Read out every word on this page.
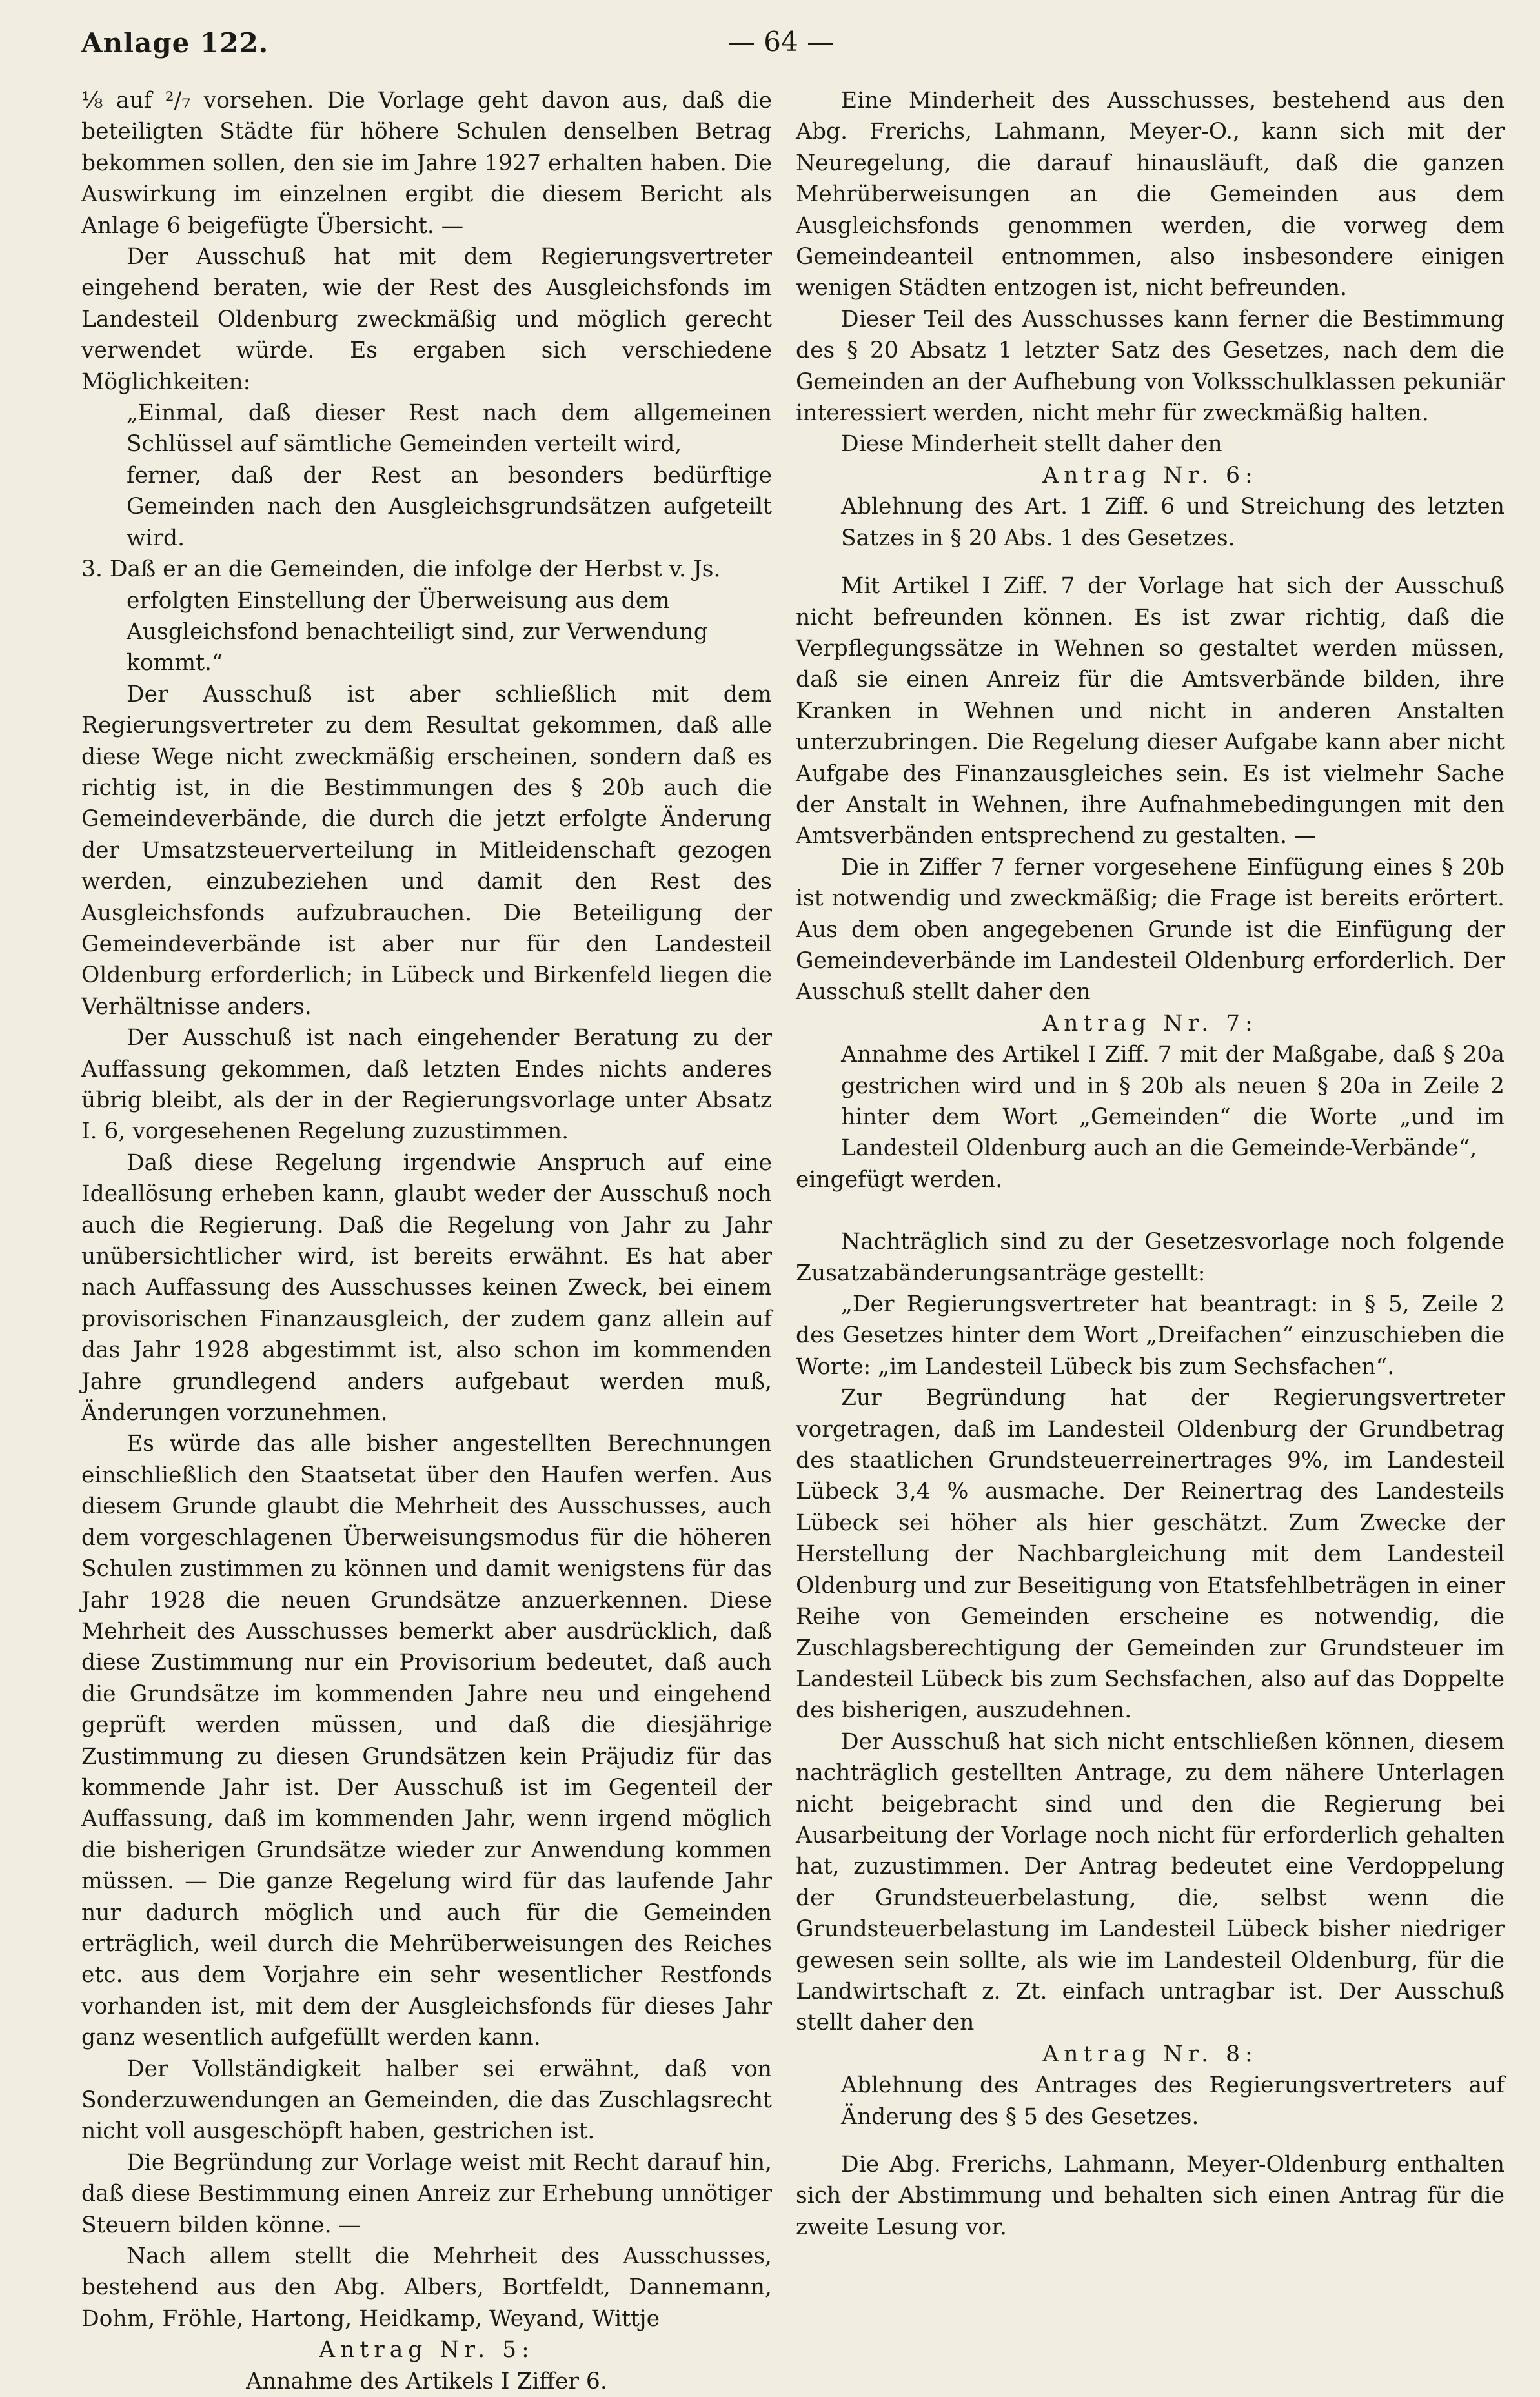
Anlage 122.	— 64 —

⅛ auf ²/₇ vorsehen. Die Vorlage geht davon aus, daß die beteiligten Städte für höhere Schulen denselben Betrag bekommen sollen, den sie im Jahre 1927 erhalten haben. Die Auswirkung im einzelnen ergibt die diesem Bericht als Anlage 6 beigefügte Übersicht. —

Der Ausschuß hat mit dem Regierungsvertreter eingehend beraten, wie der Rest des Ausgleichsfonds im Landesteil Oldenburg zweckmäßig und möglich gerecht verwendet würde. Es ergaben sich verschiedene Möglichkeiten:

„Einmal, daß dieser Rest nach dem allgemeinen Schlüssel auf sämtliche Gemeinden verteilt wird,

ferner, daß der Rest an besonders bedürftige Gemeinden nach den Ausgleichsgrundsätzen aufgeteilt wird.

3. Daß er an die Gemeinden, die infolge der Herbst v. Js. erfolgten Einstellung der Überweisung aus dem Ausgleichsfond benachteiligt sind, zur Verwendung kommt.“

Der Ausschuß ist aber schließlich mit dem Regierungsvertreter zu dem Resultat gekommen, daß alle diese Wege nicht zweckmäßig erscheinen, sondern daß es richtig ist, in die Bestimmungen des § 20b auch die Gemeindeverbände, die durch die jetzt erfolgte Änderung der Umsatzsteuerverteilung in Mitleidenschaft gezogen werden, einzubeziehen und damit den Rest des Ausgleichsfonds aufzubrauchen. Die Beteiligung der Gemeindeverbände ist aber nur für den Landesteil Oldenburg erforderlich; in Lübeck und Birkenfeld liegen die Verhältnisse anders.

Der Ausschuß ist nach eingehender Beratung zu der Auffassung gekommen, daß letzten Endes nichts anderes übrig bleibt, als der in der Regierungsvorlage unter Absatz I. 6, vorgesehenen Regelung zuzustimmen.

Daß diese Regelung irgendwie Anspruch auf eine Ideallösung erheben kann, glaubt weder der Ausschuß noch auch die Regierung. Daß die Regelung von Jahr zu Jahr unübersichtlicher wird, ist bereits erwähnt. Es hat aber nach Auffassung des Ausschusses keinen Zweck, bei einem provisorischen Finanzausgleich, der zudem ganz allein auf das Jahr 1928 abgestimmt ist, also schon im kommenden Jahre grundlegend anders aufgebaut werden muß, Änderungen vorzunehmen.

Es würde das alle bisher angestellten Berechnungen einschließlich den Staatsetat über den Haufen werfen. Aus diesem Grunde glaubt die Mehrheit des Ausschusses, auch dem vorgeschlagenen Überweisungsmodus für die höheren Schulen zustimmen zu können und damit wenigstens für das Jahr 1928 die neuen Grundsätze anzuerkennen. Diese Mehrheit des Ausschusses bemerkt aber ausdrücklich, daß diese Zustimmung nur ein Provisorium bedeutet, daß auch die Grundsätze im kommenden Jahre neu und eingehend geprüft werden müssen, und daß die diesjährige Zustimmung zu diesen Grundsätzen kein Präjudiz für das kommende Jahr ist. Der Ausschuß ist im Gegenteil der Auffassung, daß im kommenden Jahr, wenn irgend möglich die bisherigen Grundsätze wieder zur Anwendung kommen müssen. — Die ganze Regelung wird für das laufende Jahr nur dadurch möglich und auch für die Gemeinden erträglich, weil durch die Mehrüberweisungen des Reiches etc. aus dem Vorjahre ein sehr wesentlicher Restfonds vorhanden ist, mit dem der Ausgleichsfonds für dieses Jahr ganz wesentlich aufgefüllt werden kann.

Der Vollständigkeit halber sei erwähnt, daß von Sonderzuwendungen an Gemeinden, die das Zuschlagsrecht nicht voll ausgeschöpft haben, gestrichen ist.

Die Begründung zur Vorlage weist mit Recht darauf hin, daß diese Bestimmung einen Anreiz zur Erhebung unnötiger Steuern bilden könne. —

Nach allem stellt die Mehrheit des Ausschusses, bestehend aus den Abg. Albers, Bortfeldt, Dannemann, Dohm, Fröhle, Hartong, Heidkamp, Weyand, Wittje

Antrag Nr. 5:

Annahme des Artikels I Ziffer 6.

Eine Minderheit des Ausschusses, bestehend aus den Abg. Frerichs, Lahmann, Meyer-O., kann sich mit der Neuregelung, die darauf hinausläuft, daß die ganzen Mehrüberweisungen an die Gemeinden aus dem Ausgleichsfonds genommen werden, die vorweg dem Gemeindeanteil entnommen, also insbesondere einigen wenigen Städten entzogen ist, nicht befreunden.

Dieser Teil des Ausschusses kann ferner die Bestimmung des § 20 Absatz 1 letzter Satz des Gesetzes, nach dem die Gemeinden an der Aufhebung von Volksschulklassen pekuniär interessiert werden, nicht mehr für zweckmäßig halten.

Diese Minderheit stellt daher den

Antrag Nr. 6:

Ablehnung des Art. 1 Ziff. 6 und Streichung des letzten Satzes in § 20 Abs. 1 des Gesetzes.

Mit Artikel I Ziff. 7 der Vorlage hat sich der Ausschuß nicht befreunden können. Es ist zwar richtig, daß die Verpflegungssätze in Wehnen so gestaltet werden müssen, daß sie einen Anreiz für die Amtsverbände bilden, ihre Kranken in Wehnen und nicht in anderen Anstalten unterzubringen. Die Regelung dieser Aufgabe kann aber nicht Aufgabe des Finanzausgleiches sein. Es ist vielmehr Sache der Anstalt in Wehnen, ihre Aufnahmebedingungen mit den Amtsverbänden entsprechend zu gestalten. —

Die in Ziffer 7 ferner vorgesehene Einfügung eines § 20b ist notwendig und zweckmäßig; die Frage ist bereits erörtert. Aus dem oben angegebenen Grunde ist die Einfügung der Gemeindeverbände im Landesteil Oldenburg erforderlich. Der Ausschuß stellt daher den

Antrag Nr. 7:

Annahme des Artikel I Ziff. 7 mit der Maßgabe, daß § 20a gestrichen wird und in § 20b als neuen § 20a in Zeile 2 hinter dem Wort „Gemeinden“ die Worte „und im Landesteil Oldenburg auch an die Gemeinde-Verbände“,

eingefügt werden.

Nachträglich sind zu der Gesetzesvorlage noch folgende Zusatzabänderungsanträge gestellt:

„Der Regierungsvertreter hat beantragt: in § 5, Zeile 2 des Gesetzes hinter dem Wort „Dreifachen“ einzuschieben die Worte: „im Landesteil Lübeck bis zum Sechsfachen“.

Zur Begründung hat der Regierungsvertreter vorgetragen, daß im Landesteil Oldenburg der Grundbetrag des staatlichen Grundsteuerreinertrages 9%, im Landesteil Lübeck 3,4 % ausmache. Der Reinertrag des Landesteils Lübeck sei höher als hier geschätzt. Zum Zwecke der Herstellung der Nachbargleichung mit dem Landesteil Oldenburg und zur Beseitigung von Etatsfehlbeträgen in einer Reihe von Gemeinden erscheine es notwendig, die Zuschlagsberechtigung der Gemeinden zur Grundsteuer im Landesteil Lübeck bis zum Sechsfachen, also auf das Doppelte des bisherigen, auszudehnen.

Der Ausschuß hat sich nicht entschließen können, diesem nachträglich gestellten Antrage, zu dem nähere Unterlagen nicht beigebracht sind und den die Regierung bei Ausarbeitung der Vorlage noch nicht für erforderlich gehalten hat, zuzustimmen. Der Antrag bedeutet eine Verdoppelung der Grundsteuerbelastung, die, selbst wenn die Grundsteuerbelastung im Landesteil Lübeck bisher niedriger gewesen sein sollte, als wie im Landesteil Oldenburg, für die Landwirtschaft z. Zt. einfach untragbar ist. Der Ausschuß stellt daher den

Antrag Nr. 8:

Ablehnung des Antrages des Regierungsvertreters auf Änderung des § 5 des Gesetzes.

Die Abg. Frerichs, Lahmann, Meyer-Oldenburg enthalten sich der Abstimmung und behalten sich einen Antrag für die zweite Lesung vor.
